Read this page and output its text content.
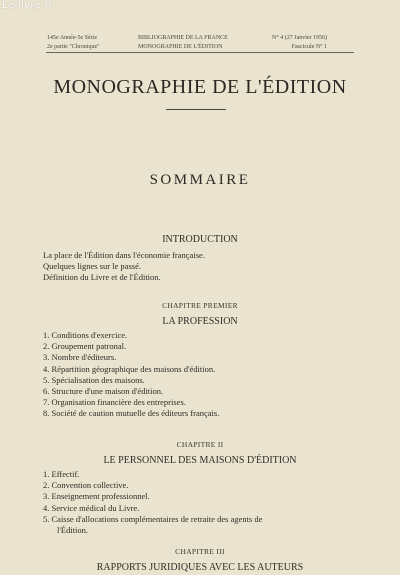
Le-livre.fr
145e Année-5e Série
2e partie "Chronique"
BIBLIOGRAPHIE DE LA FRANCE
MONOGRAPHIE DE L'ÉDITION
N° 4 (27 Janvier 1956)
Fascicule N° 1
MONOGRAPHIE DE L'ÉDITION
SOMMAIRE
INTRODUCTION
La place de l'Édition dans l'économie française.
Quelques lignes sur le passé.
Définition du Livre et de l'Édition.
CHAPITRE PREMIER
LA PROFESSION
1. Conditions d'exercice.
2. Groupement patronal.
3. Nombre d'éditeurs.
4. Répartition géographique des maisons d'édition.
5. Spécialisation des maisons.
6. Structure d'une maison d'édition.
7. Organisation financière des entreprises.
8. Société de caution mutuelle des éditeurs français.
CHAPITRE II
LE PERSONNEL DES MAISONS D'ÉDITION
1. Effectif.
2. Convention collective.
3. Enseignement professionnel.
4. Service médical du Livre.
5. Caisse d'allocations complémentaires de retraite des agents de
l'Édition.
CHAPITRE III
RAPPORTS JURIDIQUES AVEC LES AUTEURS
